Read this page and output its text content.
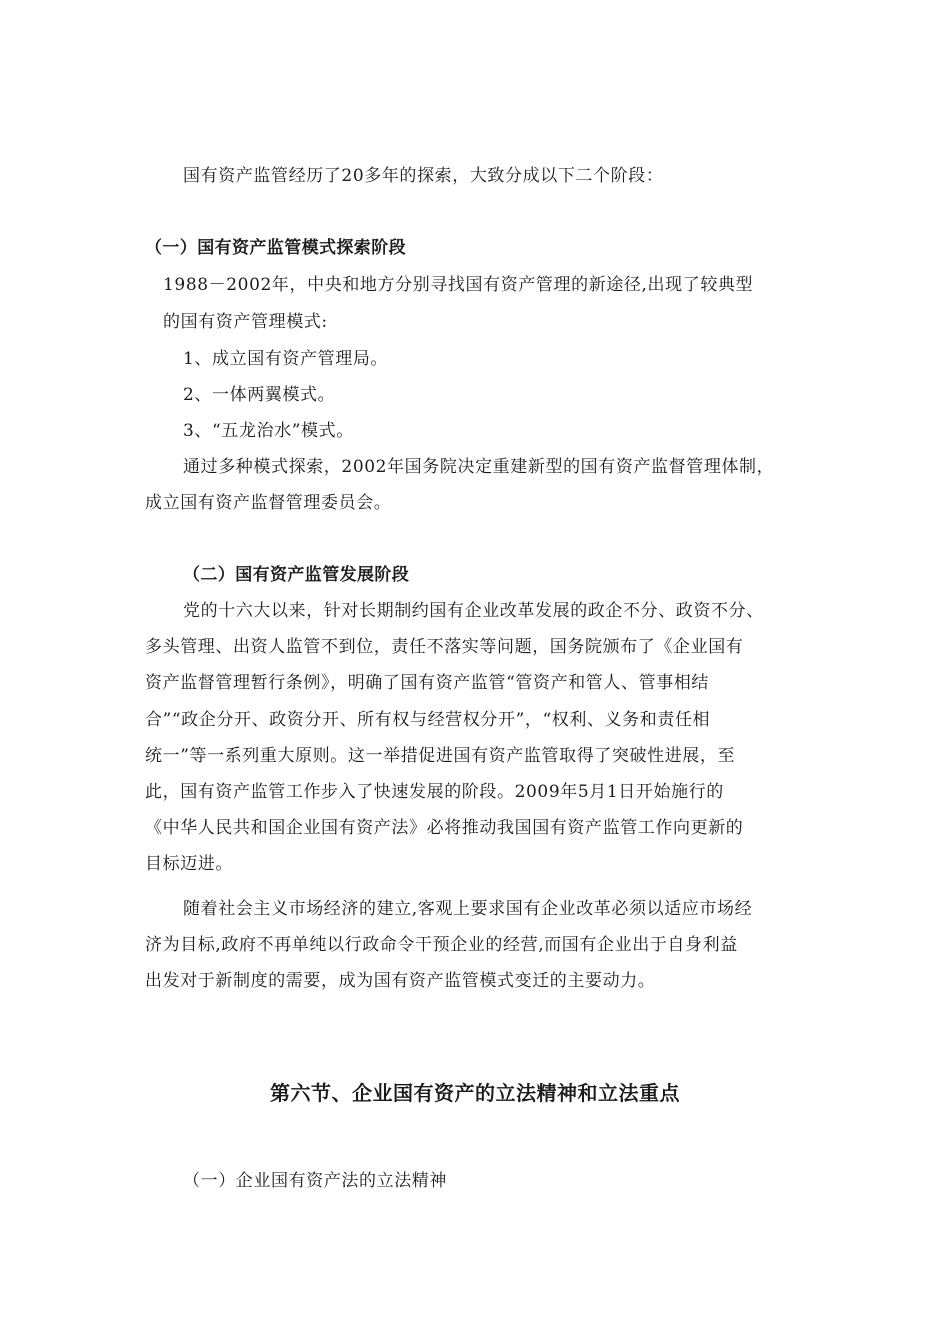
国有资产监管经历了20多年的探索，大致分成以下二个阶段：
（一）国有资产监管模式探索阶段
1988－2002年，中央和地方分别寻找国有资产管理的新途径,出现了较典型
的国有资产管理模式:
1、成立国有资产管理局。
2、一体两翼模式。
3、“五龙治水”模式。
通过多种模式探索，2002年国务院决定重建新型的国有资产监督管理体制，
成立国有资产监督管理委员会。
（二）国有资产监管发展阶段
党的十六大以来，针对长期制约国有企业改革发展的政企不分、政资不分、
多头管理、出资人监管不到位，责任不落实等问题，国务院颁布了《企业国有
资产监督管理暂行条例》，明确了国有资产监管“管资产和管人、管事相结
合”“政企分开、政资分开、所有权与经营权分开”，“权利、义务和责任相
统一”等一系列重大原则。这一举措促进国有资产监管取得了突破性进展，至
此，国有资产监管工作步入了快速发展的阶段。2009年5月1日开始施行的
《中华人民共和国企业国有资产法》必将推动我国国有资产监管工作向更新的
目标迈进。
随着社会主义市场经济的建立,客观上要求国有企业改革必须以适应市场经
济为目标,政府不再单纯以行政命令干预企业的经营,而国有企业出于自身利益
出发对于新制度的需要，成为国有资产监管模式变迁的主要动力。
第六节、企业国有资产的立法精神和立法重点
（一）企业国有资产法的立法精神
